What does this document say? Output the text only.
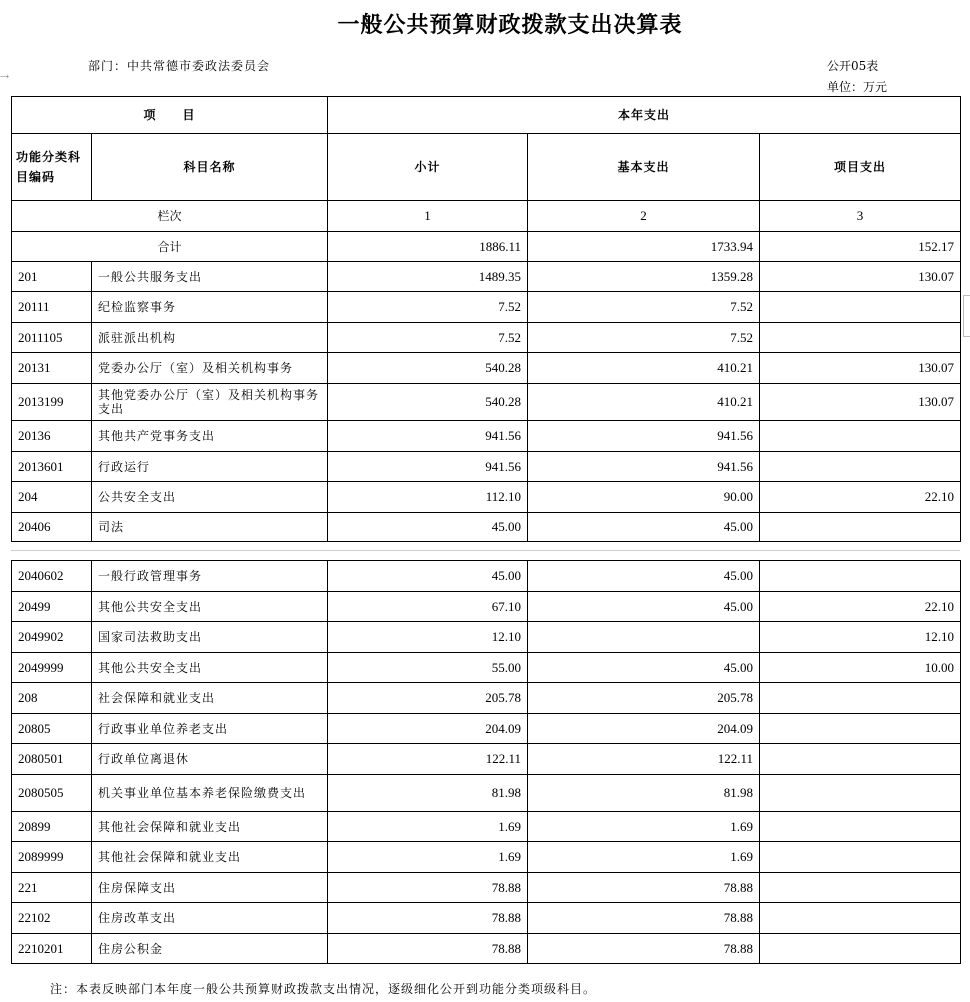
一般公共预算财政拨款支出决算表
部门：中共常德市委政法委员会	公开05表
单位：万元
⇢
项　　目		本年支出		
功能分类科目编码	科目名称	小计	基本支出	项目支出
栏次		1	2	3
合计		1886.11	1733.94	152.17
201	一般公共服务支出	1489.35	1359.28	130.07
20111	纪检监察事务	7.52	7.52	
2011105	派驻派出机构	7.52	7.52	
20131	党委办公厅（室）及相关机构事务	540.28	410.21	130.07
2013199	其他党委办公厅（室）及相关机构事务支出	540.28	410.21	130.07
20136	其他共产党事务支出	941.56	941.56	
2013601	行政运行	941.56	941.56	
204	公共安全支出	112.10	90.00	22.10
20406	司法	45.00	45.00	
2040602	一般行政管理事务	45.00	45.00	
20499	其他公共安全支出	67.10	45.00	22.10
2049902	国家司法救助支出	12.10		12.10
2049999	其他公共安全支出	55.00	45.00	10.00
208	社会保障和就业支出	205.78	205.78	
20805	行政事业单位养老支出	204.09	204.09	
2080501	行政单位离退休	122.11	122.11	
2080505	机关事业单位基本养老保险缴费支出	81.98	81.98	
20899	其他社会保障和就业支出	1.69	1.69	
2089999	其他社会保障和就业支出	1.69	1.69	
221	住房保障支出	78.88	78.88	
22102	住房改革支出	78.88	78.88	
2210201	住房公积金	78.88	78.88	
注：本表反映部门本年度一般公共预算财政拨款支出情况，逐级细化公开到功能分类项级科目。
